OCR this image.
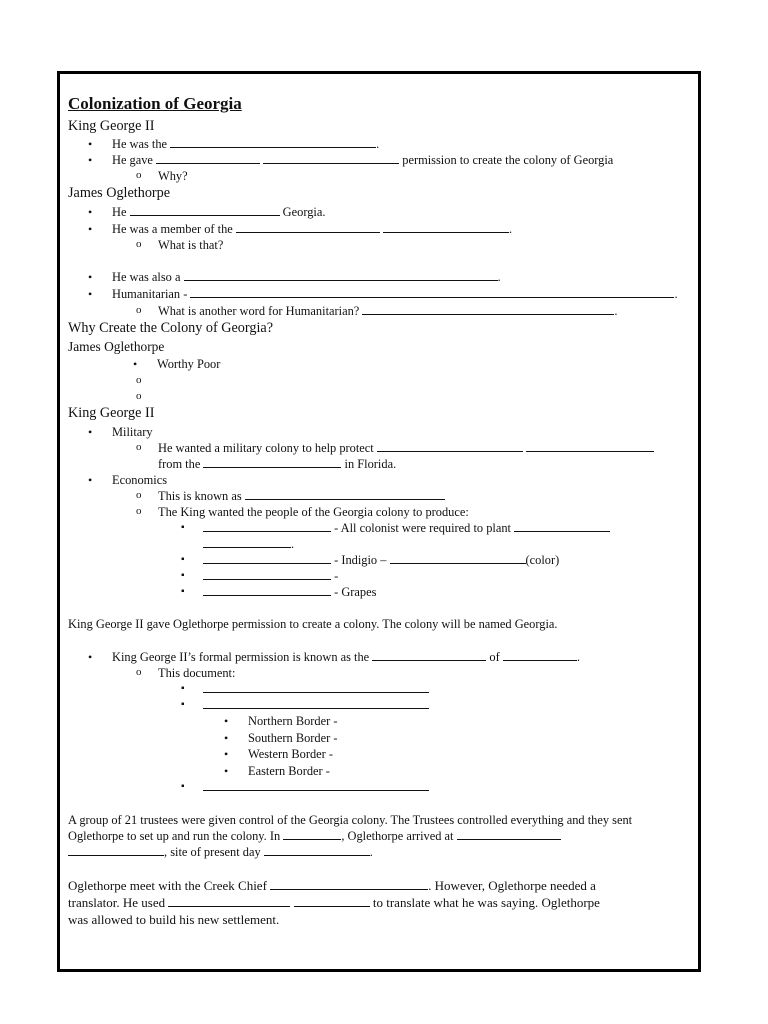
Colonization of Georgia
King George II
• He was the	.
• He gave	permission to create the colony of Georgia
o Why?
James Oglethorpe
• He	Georgia.
• He was a member of the	.
o What is that?
• He was also a	.
• Humanitarian -	.
o What is another word for Humanitarian?	.
Why Create the Colony of Georgia?
James Oglethorpe
• Worthy Poor
King George II
• Military
o He wanted a military colony to help protect
from the	in Florida.
• Economics
o This is known as
o The King wanted the people of the Georgia colony to produce:
▪ - All colonist were required to plant
.
▪ - Indigio –	(color)
▪ -
▪ - Grapes
King George II gave Oglethorpe permission to create a colony. The colony will be named Georgia.
• King George II’s formal permission is known as the	of	.
o This document:
▪
▪
• Northern Border -
• Southern Border -
• Western Border -
• Eastern Border -
▪
A group of 21 trustees were given control of the Georgia colony. The Trustees controlled everything and they sent
Oglethorpe to set up and run the colony. In	, Oglethorpe arrived at
, site of present day	.
Oglethorpe meet with the Creek Chief	. However, Oglethorpe needed a
translator. He used	to translate what he was saying. Oglethorpe
was allowed to build his new settlement.
